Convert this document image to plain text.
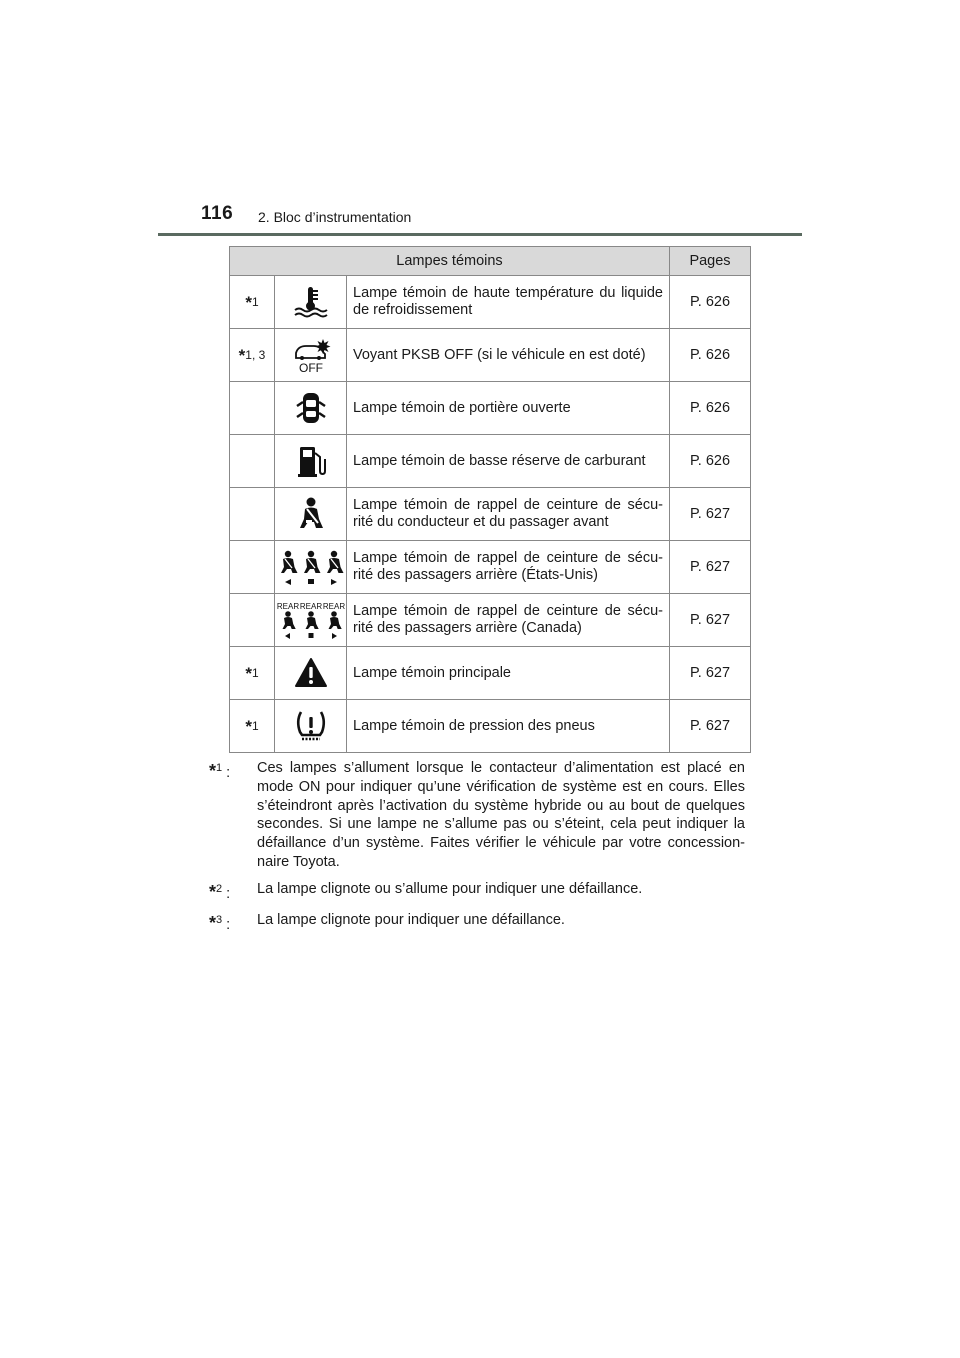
116 2. Bloc d’instrumentation
Lampes témoins			Pages
*1		Lampe témoin de haute température du liquide de refroidissement	P. 626
*1, 3	OFF	Voyant PKSB OFF (si le véhicule en est doté)	P. 626

	Lampe témoin de portière ouverte	P. 626

	Lampe témoin de basse réserve de carburant	P. 626

	Lampe témoin de rappel de ceinture de sécu-rité du conducteur et du passager avant	P. 627

	Lampe témoin de rappel de ceinture de sécu-rité des passagers arrière (États-Unis)	P. 627

REAR REAR REAR	Lampe témoin de rappel de ceinture de sécu-rité des passagers arrière (Canada)	P. 627
*1		Lampe témoin principale	P. 627
*1		Lampe témoin de pression des pneus	P. 627
*$^1$ :	Ces lampes s’allument lorsque le contacteur d’alimentation est placé en mode ON pour indiquer qu’une vérification de système est en cours. Elles s’éteindront après l’activation du système hybride ou au bout de quelques secondes. Si une lampe ne s’allume pas ou s’éteint, cela peut indiquer la défaillance d’un système. Faites vérifier le véhicule par votre concession-naire Toyota.
*$^2$ :	La lampe clignote ou s’allume pour indiquer une défaillance.
*$^3$ :	La lampe clignote pour indiquer une défaillance.
